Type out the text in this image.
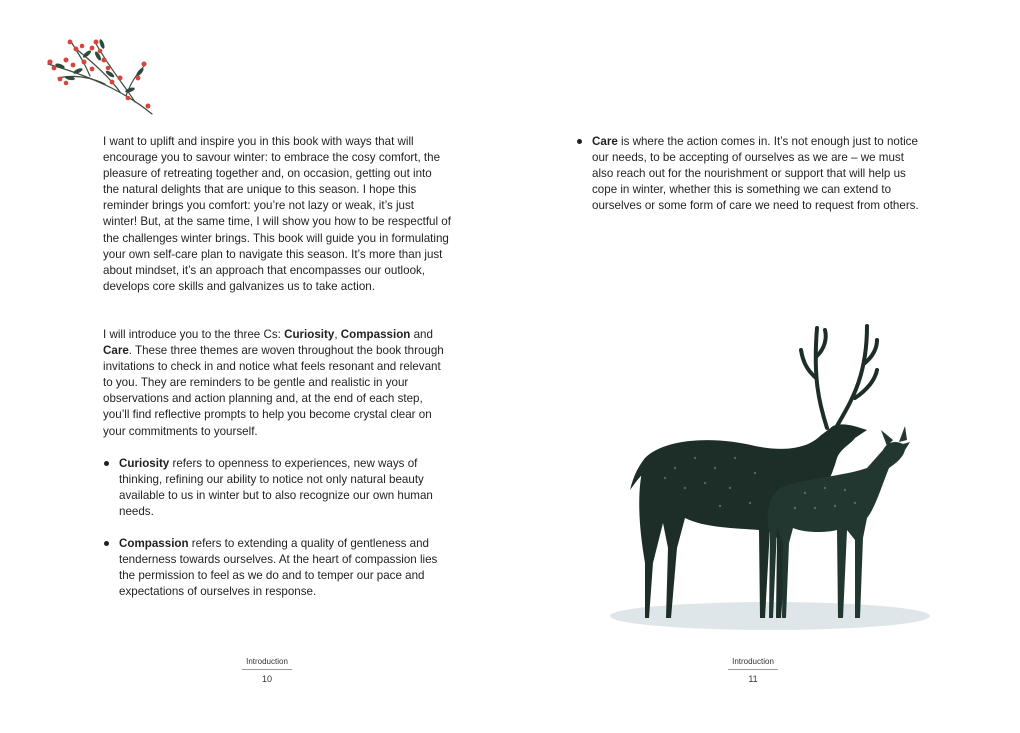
I want to uplift and inspire you in this book with ways that will encourage you to savour winter: to embrace the cosy comfort, the pleasure of retreating together and, on occasion, getting out into the natural delights that are unique to this season. I hope this reminder brings you comfort: you’re not lazy or weak, it’s just winter! But, at the same time, I will show you how to be respectful of the challenges winter brings. This book will guide you in formulating your own self-care plan to navigate this season. It’s more than just about mindset, it’s an approach that encompasses our outlook, develops core skills and galvanizes us to take action.

I will introduce you to the three Cs: Curiosity, Compassion and Care. These three themes are woven throughout the book through invitations to check in and notice what feels resonant and relevant to you. They are reminders to be gentle and realistic in your observations and action planning and, at the end of each step, you’ll find reflective prompts to help you become crystal clear on your commitments to yourself.

Curiosity refers to openness to experiences, new ways of thinking, refining our ability to notice not only natural beauty available to us in winter but to also recognize our own human needs.

Compassion refers to extending a quality of gentleness and tenderness towards ourselves. At the heart of compassion lies the permission to feel as we do and to temper our pace and expectations of ourselves in response.

Introduction
10

Care is where the action comes in. It’s not enough just to notice our needs, to be accepting of ourselves as we are – we must also reach out for the nourishment or support that will help us cope in winter, whether this is something we can extend to ourselves or some form of care we need to request from others.

Introduction
11
